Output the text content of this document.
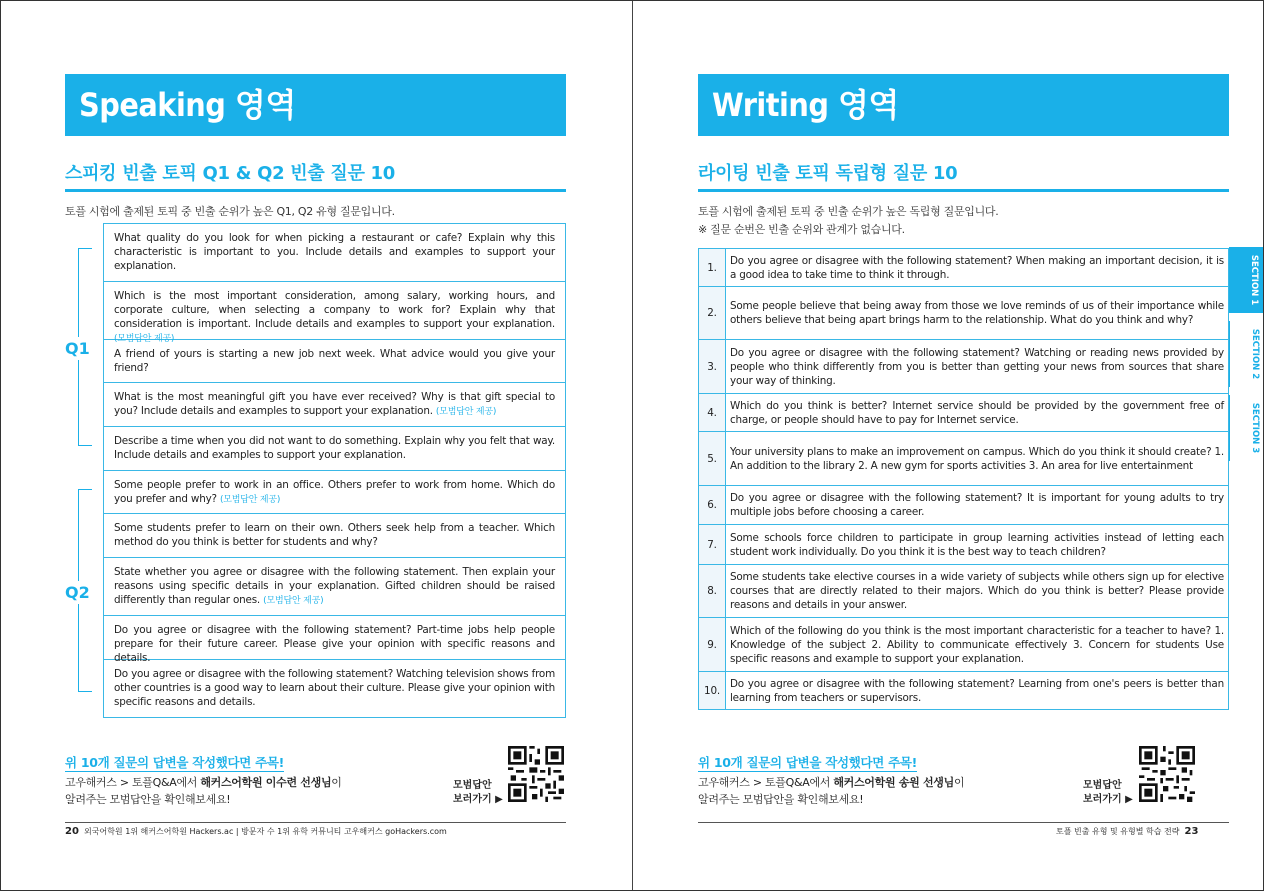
Speaking 영역
스피킹 빈출 토픽 Q1 & Q2 빈출 질문 10
토플 시험에 출제된 토픽 중 빈출 순위가 높은 Q1, Q2 유형 질문입니다.
Q1
Q2
What quality do you look for when picking a restaurant or cafe? Explain why this characteristic is important to you. Include details and examples to support your explanation.
Which is the most important consideration, among salary, working hours, and corporate culture, when selecting a company to work for? Explain why that consideration is important. Include details and examples to support your explanation. (모범답안 제공)
A friend of yours is starting a new job next week. What advice would you give your friend?
What is the most meaningful gift you have ever received? Why is that gift special to you? Include details and examples to support your explanation. (모범답안 제공)
Describe a time when you did not want to do something. Explain why you felt that way. Include details and examples to support your explanation.
Some people prefer to work in an office. Others prefer to work from home. Which do you prefer and why? (모범답안 제공)
Some students prefer to learn on their own. Others seek help from a teacher. Which method do you think is better for students and why?
State whether you agree or disagree with the following statement. Then explain your reasons using specific details in your explanation. Gifted children should be raised differently than regular ones. (모범답안 제공)
Do you agree or disagree with the following statement? Part-time jobs help people prepare for their future career. Please give your opinion with specific reasons and details.
Do you agree or disagree with the following statement? Watching television shows from other countries is a good way to learn about their culture. Please give your opinion with specific reasons and details.
위 10개 질문의 답변을 작성했다면 주목!
고우해커스 > 토플Q&A에서 해커스어학원 이수련 선생님이
알려주는 모범답안을 확인해보세요!
모범답안
보러가기 ▶
20 외국어학원 1위 해커스어학원 Hackers.ac | 방문자 수 1위 유학 커뮤니티 고우해커스 goHackers.com
Writing 영역
라이팅 빈출 토픽 독립형 질문 10
토플 시험에 출제된 토픽 중 빈출 순위가 높은 독립형 질문입니다.
※ 질문 순번은 빈출 순위와 관계가 없습니다.
1.	Do you agree or disagree with the following statement? When making an important decision, it is a good idea to take time to think it through.
2.	Some people believe that being away from those we love reminds of us of their importance while others believe that being apart brings harm to the relationship. What do you think and why?
3.	Do you agree or disagree with the following statement? Watching or reading news provided by people who think differently from you is better than getting your news from sources that share your way of thinking.
4.	Which do you think is better? Internet service should be provided by the government free of charge, or people should have to pay for Internet service.
5.	Your university plans to make an improvement on campus. Which do you think it should create? 1. An addition to the library 2. A new gym for sports activities 3. An area for live entertainment
6.	Do you agree or disagree with the following statement? It is important for young adults to try multiple jobs before choosing a career.
7.	Some schools force children to participate in group learning activities instead of letting each student work individually. Do you think it is the best way to teach children?
8.	Some students take elective courses in a wide variety of subjects while others sign up for elective courses that are directly related to their majors. Which do you think is better? Please provide reasons and details in your answer.
9.	Which of the following do you think is the most important characteristic for a teacher to have? 1. Knowledge of the subject 2. Ability to communicate effectively 3. Concern for students Use specific reasons and example to support your explanation.
10.	Do you agree or disagree with the following statement? Learning from one's peers is better than learning from teachers or supervisors.
위 10개 질문의 답변을 작성했다면 주목!
고우해커스 > 토플Q&A에서 해커스어학원 송원 선생님이
알려주는 모범답안을 확인해보세요!
모범답안
보러가기 ▶
토플 빈출 유형 및 유형별 학습 전략 23
SECTION 1
SECTION 2
SECTION 3
